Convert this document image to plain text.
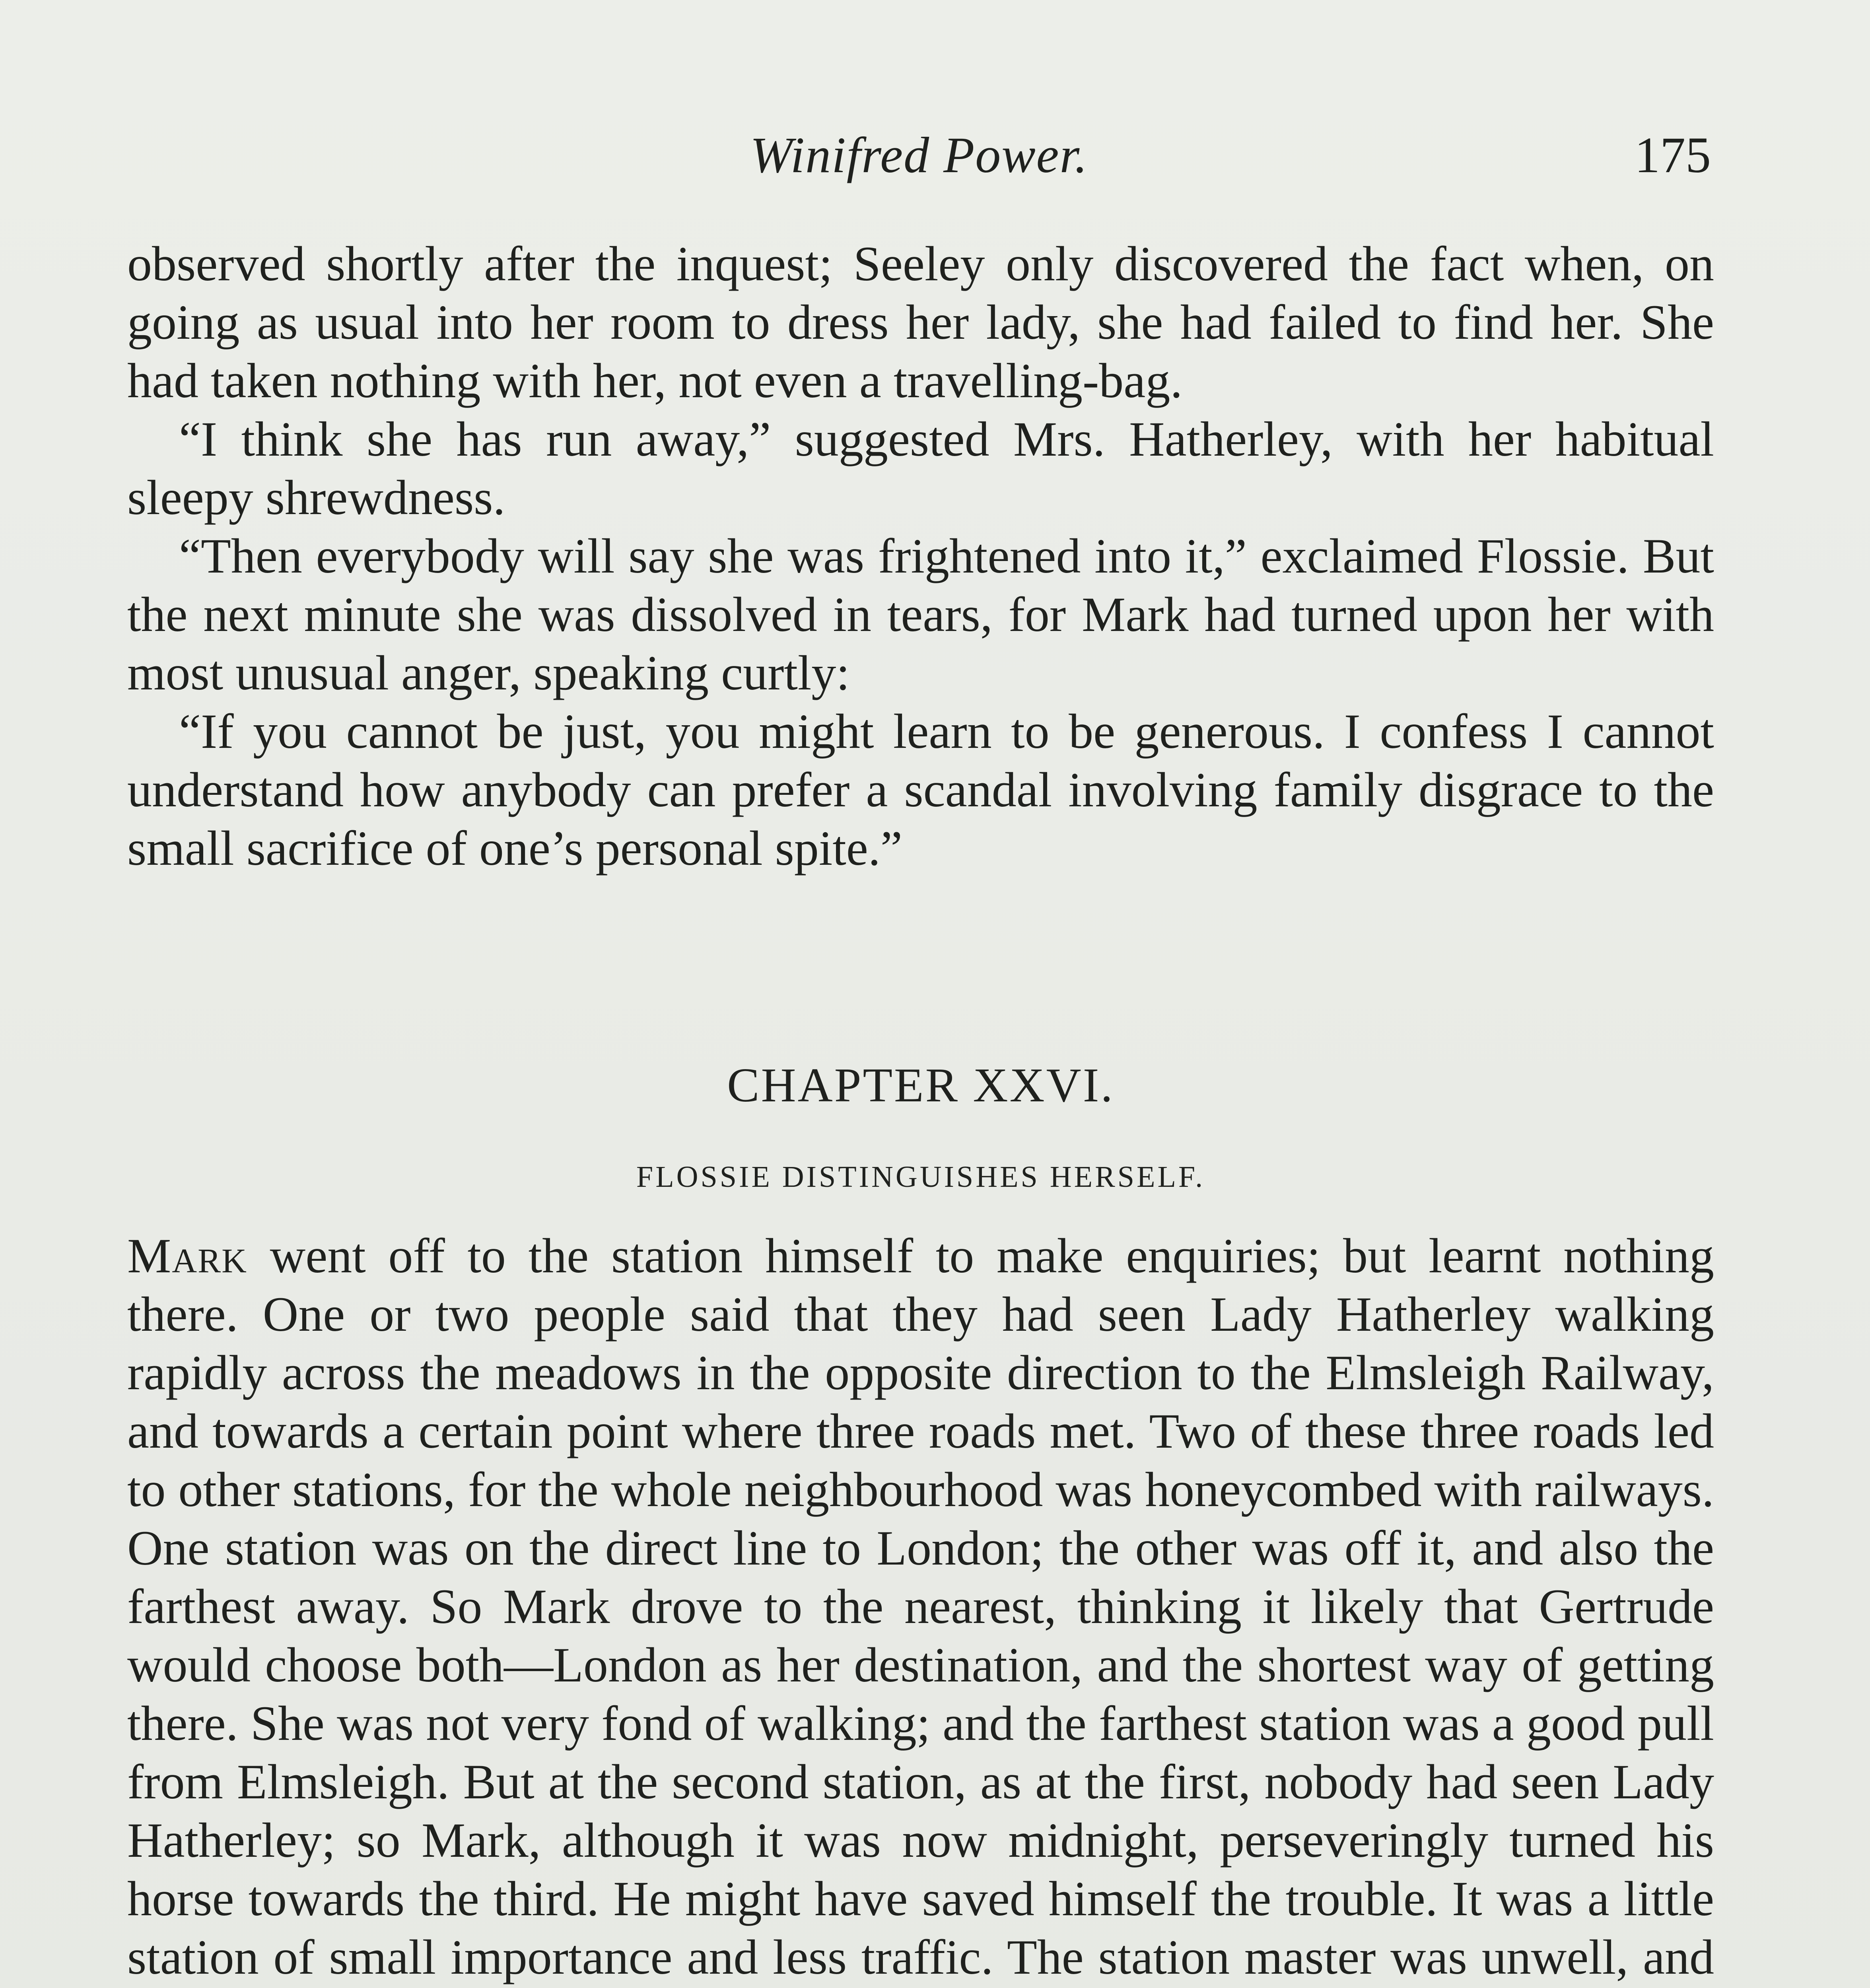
Winifred Power.	175

observed shortly after the inquest; Seeley only discovered the fact when, on going as usual into her room to dress her lady, she had failed to find her. She had taken nothing with her, not even a travelling-bag.

“I think she has run away,” suggested Mrs. Hatherley, with her habitual sleepy shrewdness.

“Then everybody will say she was frightened into it,” exclaimed Flossie. But the next minute she was dissolved in tears, for Mark had turned upon her with most unusual anger, speaking curtly:

“If you cannot be just, you might learn to be generous. I confess I cannot understand how anybody can prefer a scandal involving family disgrace to the small sacrifice of one’s personal spite.”

CHAPTER XXVI.
FLOSSIE DISTINGUISHES HERSELF.

Mark went off to the station himself to make enquiries; but learnt nothing there. One or two people said that they had seen Lady Hatherley walking rapidly across the meadows in the opposite direction to the Elmsleigh Railway, and towards a certain point where three roads met. Two of these three roads led to other stations, for the whole neighbourhood was honeycombed with railways. One station was on the direct line to London; the other was off it, and also the farthest away. So Mark drove to the nearest, thinking it likely that Gertrude would choose both—London as her destination, and the shortest way of getting there. She was not very fond of walking; and the farthest station was a good pull from Elmsleigh. But at the second station, as at the first, nobody had seen Lady Hatherley; so Mark, although it was now midnight, perseveringly turned his horse towards the third. He might have saved himself the trouble. It was a little station of small importance and less traffic. The station master was unwell, and
